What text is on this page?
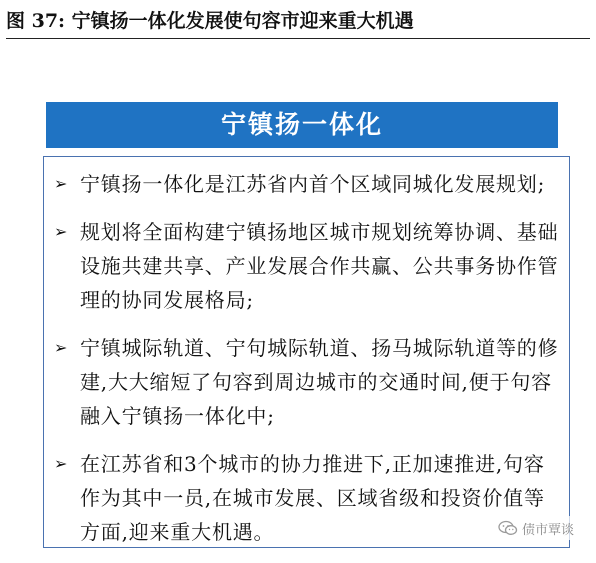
图 37: 宁镇扬一体化发展使句容市迎来重大机遇
宁镇扬一体化
➢ 宁镇扬一体化是江苏省内首个区域同城化发展规划;
➢ 规划将全面构建宁镇扬地区城市规划统筹协调、基础设施共建共享、产业发展合作共赢、公共事务协作管理的协同发展格局;
➢ 宁镇城际轨道、宁句城际轨道、扬马城际轨道等的修建,大大缩短了句容到周边城市的交通时间,便于句容融入宁镇扬一体化中;
➢ 在江苏省和3个城市的协力推进下,正加速推进,句容作为其中一员,在城市发展、区域省级和投资价值等方面,迎来重大机遇。	债市覃谈
